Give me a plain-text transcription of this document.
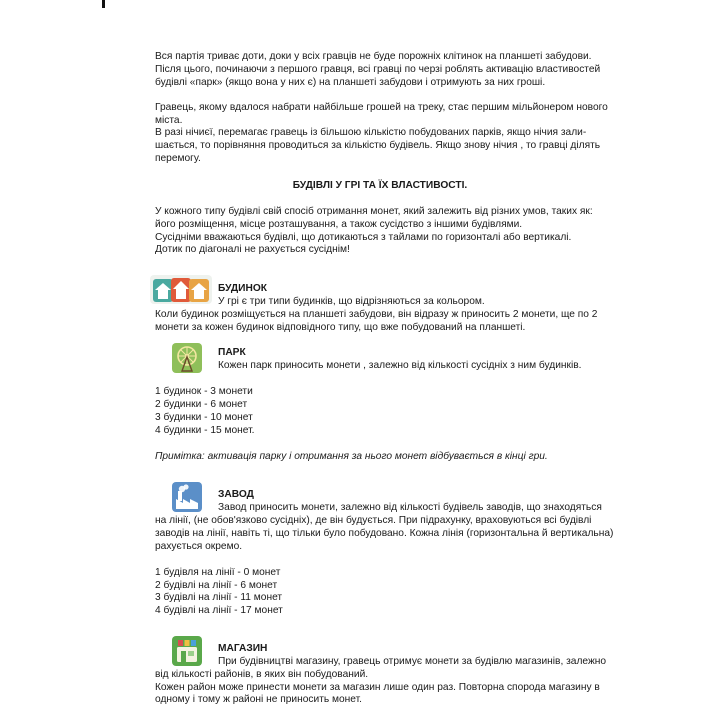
Вся партія триває доти, доки у всіх гравців не буде порожніх клітинок на планшеті забудови.

Після цього, починаючи з першого гравця, всі гравці по черзі роблять активацію властивостей

будівлі «парк» (якщо вона у них є) на планшеті забудови і отримують за них гроші.

Гравець, якому вдалося набрати найбільше грошей на треку, стає першим мільйонером нового

міста.

В разі нічиєї, перемагає гравець із більшою кількістю побудованих парків, якщо нічия зали-

шається, то порівняння проводиться за кількістю будівель. Якщо знову нічия , то гравці ділять

перемогу.

БУДІВЛІ У ГРІ ТА ЇХ ВЛАСТИВОСТІ.

У кожного типу будівлі свій спосіб отримання монет, який залежить від різних умов, таких як:

його розміщення, місце розташування, а також сусідство з іншими будівлями.

Сусідніми вважаються будівлі, що дотикаються з тайлами по горизонталі або вертикалі.

Дотик по діагоналі не рахується сусіднім!

БУДИНОК

У грі є три типи будинків, що відрізняються за кольором.

Коли будинок розміщується на планшеті забудови, він відразу ж приносить 2 монети, ще по 2

монети за кожен будинок відповідного типу, що вже побудований на планшеті.

ПАРК

Кожен парк приносить монети , залежно від кількості сусідніх з ним будинків.

1 будинок - 3 монети

2 будинки - 6 монет

3 будинки - 10 монет

4 будинки - 15 монет.

Примітка: активація парку і отримання за нього монет відбувається в кінці гри.

ЗАВОД

Завод приносить монети, залежно від кількості будівель заводів, що знаходяться

на лінії, (не обов'язково сусідніх), де він будується. При підрахунку, враховуються всі будівлі

заводів на лінії, навіть ті, що тільки було побудовано. Кожна лінія (горизонтальна й вертикальна)

рахується окремо.

1 будівля на лінії - 0 монет

2 будівлі на лінії - 6 монет

3 будівлі на лінії - 11 монет

4 будівлі на лінії - 17 монет

МАГАЗИН

При будівництві магазину, гравець отримує монети за будівлю магазинів, залежно

від кількості районів, в яких він побудований.

Кожен район може принести монети за магазин лише один раз. Повторна спорода магазину в

одному і тому ж районі не приносить монет.
